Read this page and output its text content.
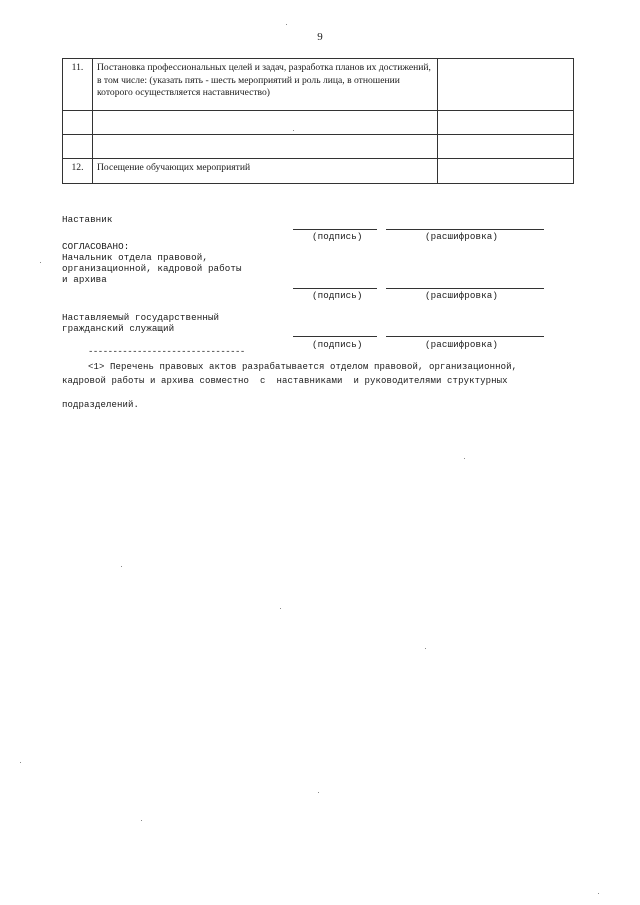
9
11.	Постановка профессиональных целей и задач, разработка планов их достижений, в том числе: (указать пять - шесть мероприятий и роль лица, в отношении которого осуществляется наставничество)	

12.	Посещение обучающих мероприятий	
Наставник
(подпись)	(расшифровка)
СОГЛАСОВАНО:
Начальник отдела правовой,
организационной, кадровой работы
и архива
(подпись)	(расшифровка)
Наставляемый государственный
гражданский служащий
(подпись)	(расшифровка)
--------------------------------
<1> Перечень правовых актов разрабатывается отделом правовой, организационной,
кадровой работы и архива совместно  с  наставниками  и руководителями структурных
подразделений.
